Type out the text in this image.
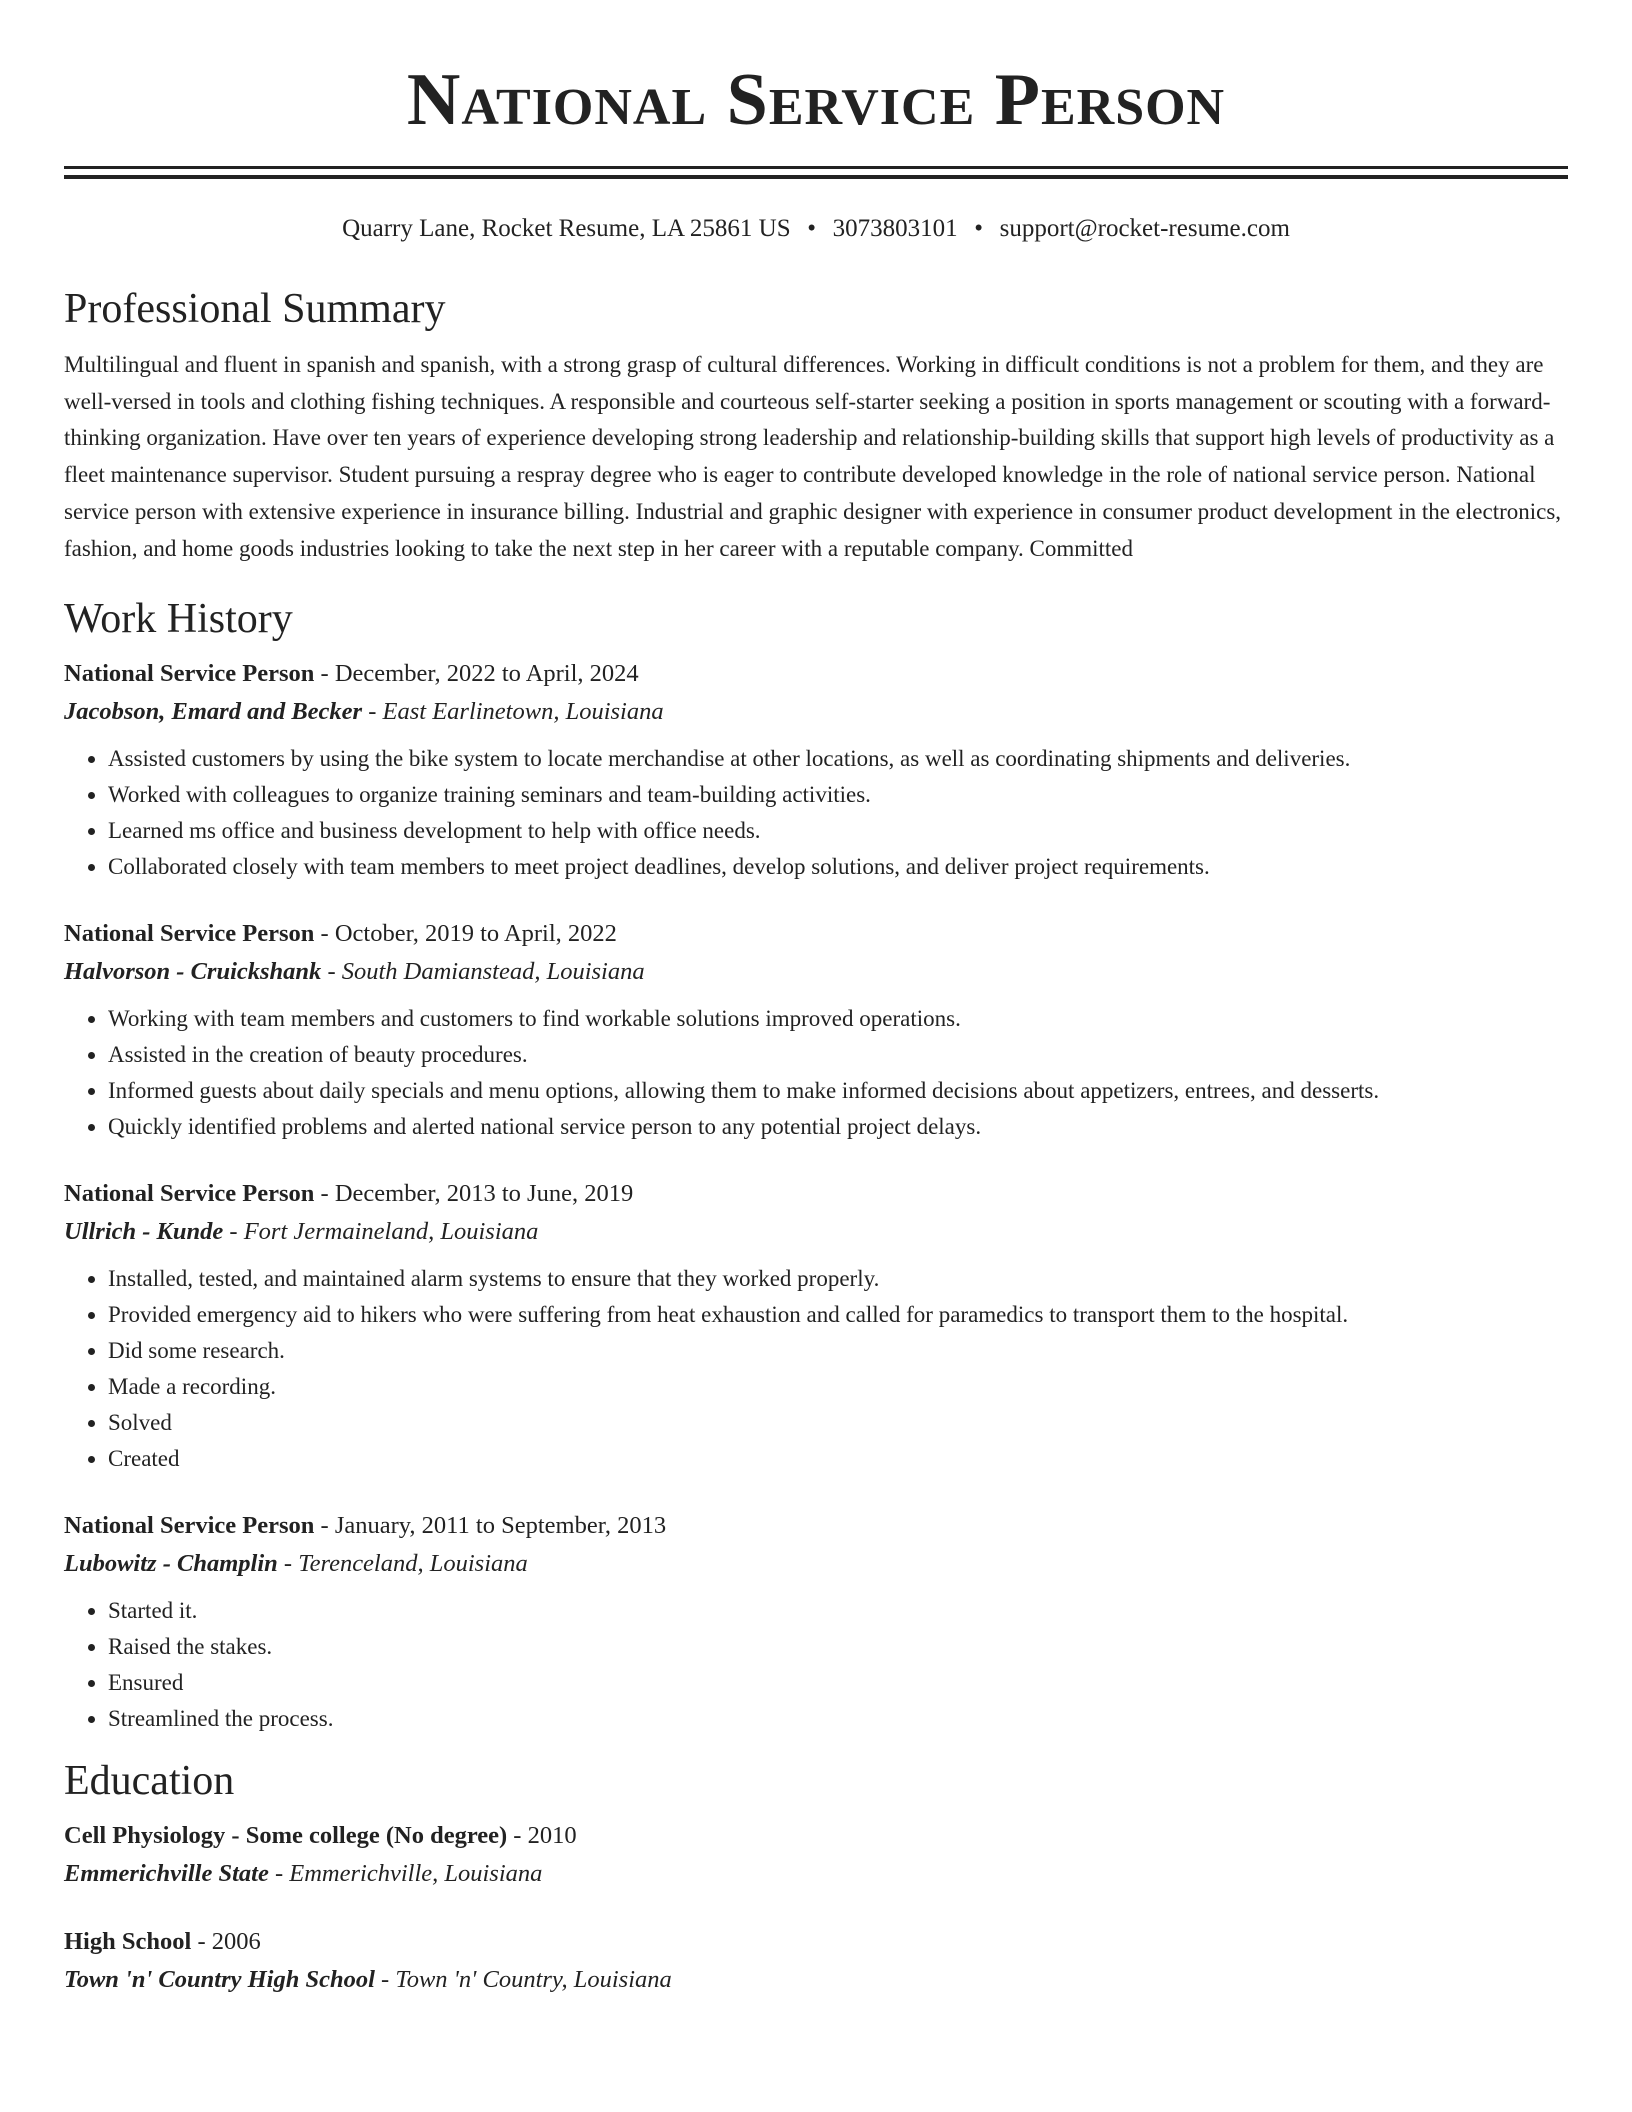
National Service Person
Quarry Lane, Rocket Resume, LA 25861 US • 3073803101 • support@rocket-resume.com
Professional Summary
Multilingual and fluent in spanish and spanish, with a strong grasp of cultural differences. Working in difficult conditions is not a problem for them, and they are well-versed in tools and clothing fishing techniques. A responsible and courteous self-starter seeking a position in sports management or scouting with a forward-thinking organization. Have over ten years of experience developing strong leadership and relationship-building skills that support high levels of productivity as a fleet maintenance supervisor. Student pursuing a respray degree who is eager to contribute developed knowledge in the role of national service person. National service person with extensive experience in insurance billing. Industrial and graphic designer with experience in consumer product development in the electronics, fashion, and home goods industries looking to take the next step in her career with a reputable company. Committed
Work History
National Service Person - December, 2022 to April, 2024
Jacobson, Emard and Becker - East Earlinetown, Louisiana
• Assisted customers by using the bike system to locate merchandise at other locations, as well as coordinating shipments and deliveries.
• Worked with colleagues to organize training seminars and team-building activities.
• Learned ms office and business development to help with office needs.
• Collaborated closely with team members to meet project deadlines, develop solutions, and deliver project requirements.
National Service Person - October, 2019 to April, 2022
Halvorson - Cruickshank - South Damianstead, Louisiana
• Working with team members and customers to find workable solutions improved operations.
• Assisted in the creation of beauty procedures.
• Informed guests about daily specials and menu options, allowing them to make informed decisions about appetizers, entrees, and desserts.
• Quickly identified problems and alerted national service person to any potential project delays.
National Service Person - December, 2013 to June, 2019
Ullrich - Kunde - Fort Jermaineland, Louisiana
• Installed, tested, and maintained alarm systems to ensure that they worked properly.
• Provided emergency aid to hikers who were suffering from heat exhaustion and called for paramedics to transport them to the hospital.
• Did some research.
• Made a recording.
• Solved
• Created
National Service Person - January, 2011 to September, 2013
Lubowitz - Champlin - Terenceland, Louisiana
• Started it.
• Raised the stakes.
• Ensured
• Streamlined the process.
Education
Cell Physiology - Some college (No degree) - 2010
Emmerichville State - Emmerichville, Louisiana
High School - 2006
Town 'n' Country High School - Town 'n' Country, Louisiana
